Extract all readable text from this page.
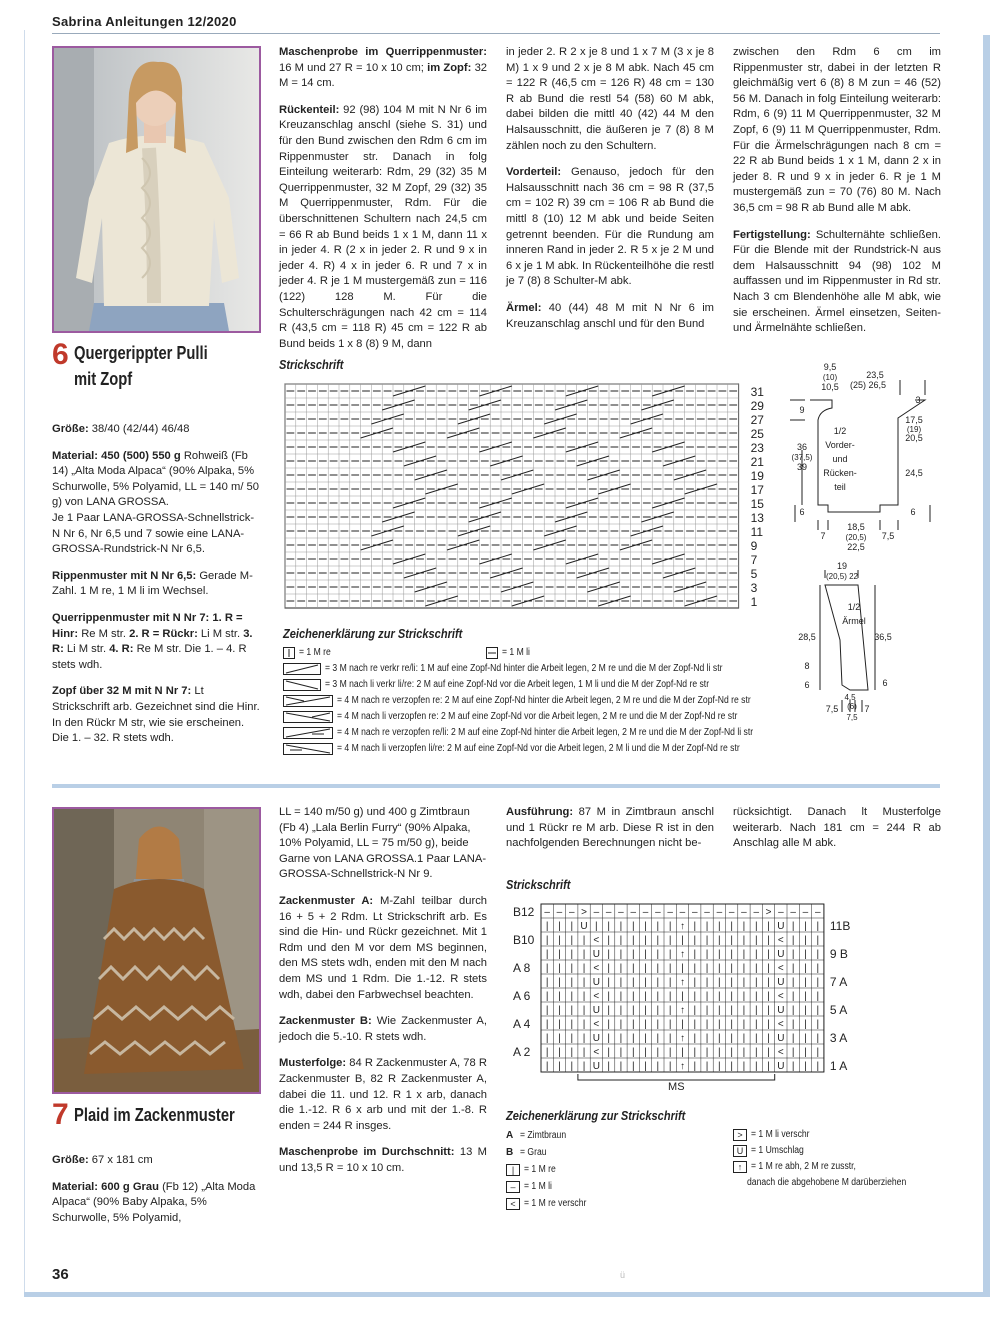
Sabrina Anleitungen 12/2020
6 Quergerippter Pulli
mit Zopf

Größe: 38/40 (42/44) 46/48

Material: 450 (500) 550 g Rohweiß (Fb 14) „Alta Moda Alpaca“ (90% Alpaka, 5% Schurwolle, 5% Polyamid, LL = 140 m/ 50 g) von LANA GROSSA.
Je 1 Paar LANA-GROSSA-Schnellstrick-N Nr 6, Nr 6,5 und 7 sowie eine LANA-GROSSA-Rundstrick-N Nr 6,5.

Rippenmuster mit N Nr 6,5: Gerade M-Zahl. 1 M re, 1 M li im Wechsel.

Querrippenmuster mit N Nr 7: 1. R = Hinr: Re M str. 2. R = Rückr: Li M str. 3. R: Li M str. 4. R: Re M str. Die 1. – 4. R stets wdh.

Zopf über 32 M mit N Nr 7: Lt Strickschrift arb. Gezeichnet sind die Hinr. In den Rückr M str, wie sie erscheinen. Die 1. – 32. R stets wdh.

Maschenprobe im Querrippenmuster: 16 M und 27 R = 10 x 10 cm; im Zopf: 32 M = 14 cm.

Rückenteil: 92 (98) 104 M mit N Nr 6 im Kreuzanschlag anschl (siehe S. 31) und für den Bund zwischen den Rdm 6 cm im Rippenmuster str. Danach in folg Einteilung weiterarb: Rdm, 29 (32) 35 M Querrippenmuster, 32 M Zopf, 29 (32) 35 M Querrippenmuster, Rdm. Für die überschnittenen Schultern nach 24,5 cm = 66 R ab Bund beids 1 x 1 M, dann 11 x in jeder 4. R (2 x in jeder 2. R und 9 x in jeder 4. R) 4 x in jeder 6. R und 7 x in jeder 4. R je 1 M mustergemäß zun = 116 (122) 128 M. Für die Schulterschrägungen nach 42 cm = 114 R (43,5 cm = 118 R) 45 cm = 122 R ab Bund beids 1 x 8 (8) 9 M, dann

in jeder 2. R 2 x je 8 und 1 x 7 M (3 x je 8 M) 1 x 9 und 2 x je 8 M abk. Nach 45 cm = 122 R (46,5 cm = 126 R) 48 cm = 130 R ab Bund die restl 54 (58) 60 M abk, dabei bilden die mittl 40 (42) 44 M den Halsausschnitt, die äußeren je 7 (8) 8 M zählen noch zu den Schultern.

Vorderteil: Genauso, jedoch für den Halsausschnitt nach 36 cm = 98 R (37,5 cm = 102 R) 39 cm = 106 R ab Bund die mittl 8 (10) 12 M abk und beide Seiten getrennt beenden. Für die Rundung am inneren Rand in jeder 2. R 5 x je 2 M und 6 x je 1 M abk. In Rückenteilhöhe die restl je 7 (8) 8 Schulter-M abk.

Ärmel: 40 (44) 48 M mit N Nr 6 im Kreuzanschlag anschl und für den Bund

zwischen den Rdm 6 cm im Rippenmuster str, dabei in der letzten R gleichmäßig vert 6 (8) 8 M zun = 46 (52) 56 M. Danach in folg Einteilung weiterarb: Rdm, 6 (9) 11 M Querrippenmuster, 32 M Zopf, 6 (9) 11 M Querrippenmuster, Rdm. Für die Ärmelschrägungen nach 8 cm = 22 R ab Bund beids 1 x 1 M, dann 2 x in jeder 8. R und 9 x in jeder 6. R je 1 M mustergemäß zun = 70 (76) 80 M. Nach 36,5 cm = 98 R ab Bund alle M abk.

Fertigstellung: Schulternähte schließen. Für die Blende mit der Rundstrick-N aus dem Halsausschnitt 94 (98) 102 M auffassen und im Rippenmuster in Rd str. Nach 3 cm Blendenhöhe alle M abk, wie sie erscheinen. Ärmel einsetzen, Seiten- und Ärmelnähte schließen.

Strickschrift
31
29
27
25
23
21
19
17
15
13
11
9
7
5
3
1
9,5
(10)
10,5
23,5
(25) 26,5
3
17,5
(19)
20,5
24,5
9
36
(37,5)
39
6	6
7
18,5
(20,5)
22,5
7,5
1/2
Vorder-
und
Rücken-
teil
19
(20,5) 22
1/2
Ärmel
28,5	36,5
8
6	6
4,5
(6)
7,5	7
7,5
Zeichenerklärung zur Strickschrift
= 1 M re	= 1 M li
= 3 M nach re verkr re/li: 1 M auf eine Zopf-Nd hinter die Arbeit legen, 2 M re und die M der Zopf-Nd li str
= 3 M nach li verkr li/re: 2 M auf eine Zopf-Nd vor die Arbeit legen, 1 M li und die M der Zopf-Nd re str
= 4 M nach re verzopfen re: 2 M auf eine Zopf-Nd hinter die Arbeit legen, 2 M re und die M der Zopf-Nd re str
= 4 M nach li verzopfen re: 2 M auf eine Zopf-Nd vor die Arbeit legen, 2 M re und die M der Zopf-Nd re str
= 4 M nach re verzopfen re/li: 2 M auf eine Zopf-Nd hinter die Arbeit legen, 2 M re und die M der Zopf-Nd li str
= 4 M nach li verzopfen li/re: 2 M auf eine Zopf-Nd vor die Arbeit legen, 2 M li und die M der Zopf-Nd re str
7 Plaid im Zackenmuster

Größe: 67 x 181 cm

Material: 600 g Grau (Fb 12) „Alta Moda Alpaca“ (90% Baby Alpaka, 5% Schurwolle, 5% Polyamid,

LL = 140 m/50 g) und 400 g Zimtbraun (Fb 4) „Lala Berlin Furry“ (90% Alpaka, 10% Polyamid, LL = 75 m/50 g), beide Garne von LANA GROSSA.1 Paar LANA-GROSSA-Schnellstrick-N Nr 9.

Zackenmuster A: M-Zahl teilbar durch 16 + 5 + 2 Rdm. Lt Strickschrift arb. Es sind die Hin- und Rückr gezeichnet. Mit 1 Rdm und den M vor dem MS beginnen, den MS stets wdh, enden mit den M nach dem MS und 1 Rdm. Die 1.-12. R stets wdh, dabei den Farbwechsel beachten.

Zackenmuster B: Wie Zackenmuster A, jedoch die 5.-10. R stets wdh.

Musterfolge: 84 R Zackenmuster A, 78 R Zackenmuster B, 82 R Zackenmuster A, dabei die 11. und 12. R 1 x arb, danach die 1.-12. R 6 x arb und mit der 1.-8. R enden = 244 R insges.

Maschenprobe im Durchschnitt: 13 M und 13,5 R = 10 x 10 cm.

Ausführung: 87 M in Zimtbraun anschl und 1 Rückr re M arb. Diese R ist in den nachfolgenden Berechnungen nicht be-

rücksichtigt. Danach lt Musterfolge weiterarb. Nach 181 cm = 244 R ab Anschlag alle M abk.

Strickschrift
– – – > – – – – – – – – – – – – – – > – – – –
| | | U | | | | | | | ↑ | | | | | | | U | | |
| | | | < | | | | | | | | | | | | | | < | | |
| | | | U | | | | | | ↑ | | | | | | | U | | |
| | | | < | | | | | | | | | | | | | | < | | |
| | | | U | | | | | | ↑ | | | | | | | U | | |
| | | | < | | | | | | | | | | | | | | < | | |
| | | | U | | | | | | ↑ | | | | | | | U | | |
| | | | < | | | | | | | | | | | | | | < | | |
| | | | U | | | | | | ↑ | | | | | | | U | | |
| | | | < | | | | | | | | | | | | | | < | | |
| | | | U | | | | | | ↑ | | | | | | | U | | |
B12
B10
A 8
A 6
A 4
A 2
11B
9 B
7 A
5 A
3 A
1 A
MS
Zeichenerklärung zur Strickschrift
A = Zimtbraun
B = Grau
| = 1 M re
– = 1 M li
< = 1 M re verschr
> = 1 M li verschr
U = 1 Umschlag
↑ = 1 M re abh, 2 M re zusstr,
danach die abgehobene M darüberziehen
36	ü
